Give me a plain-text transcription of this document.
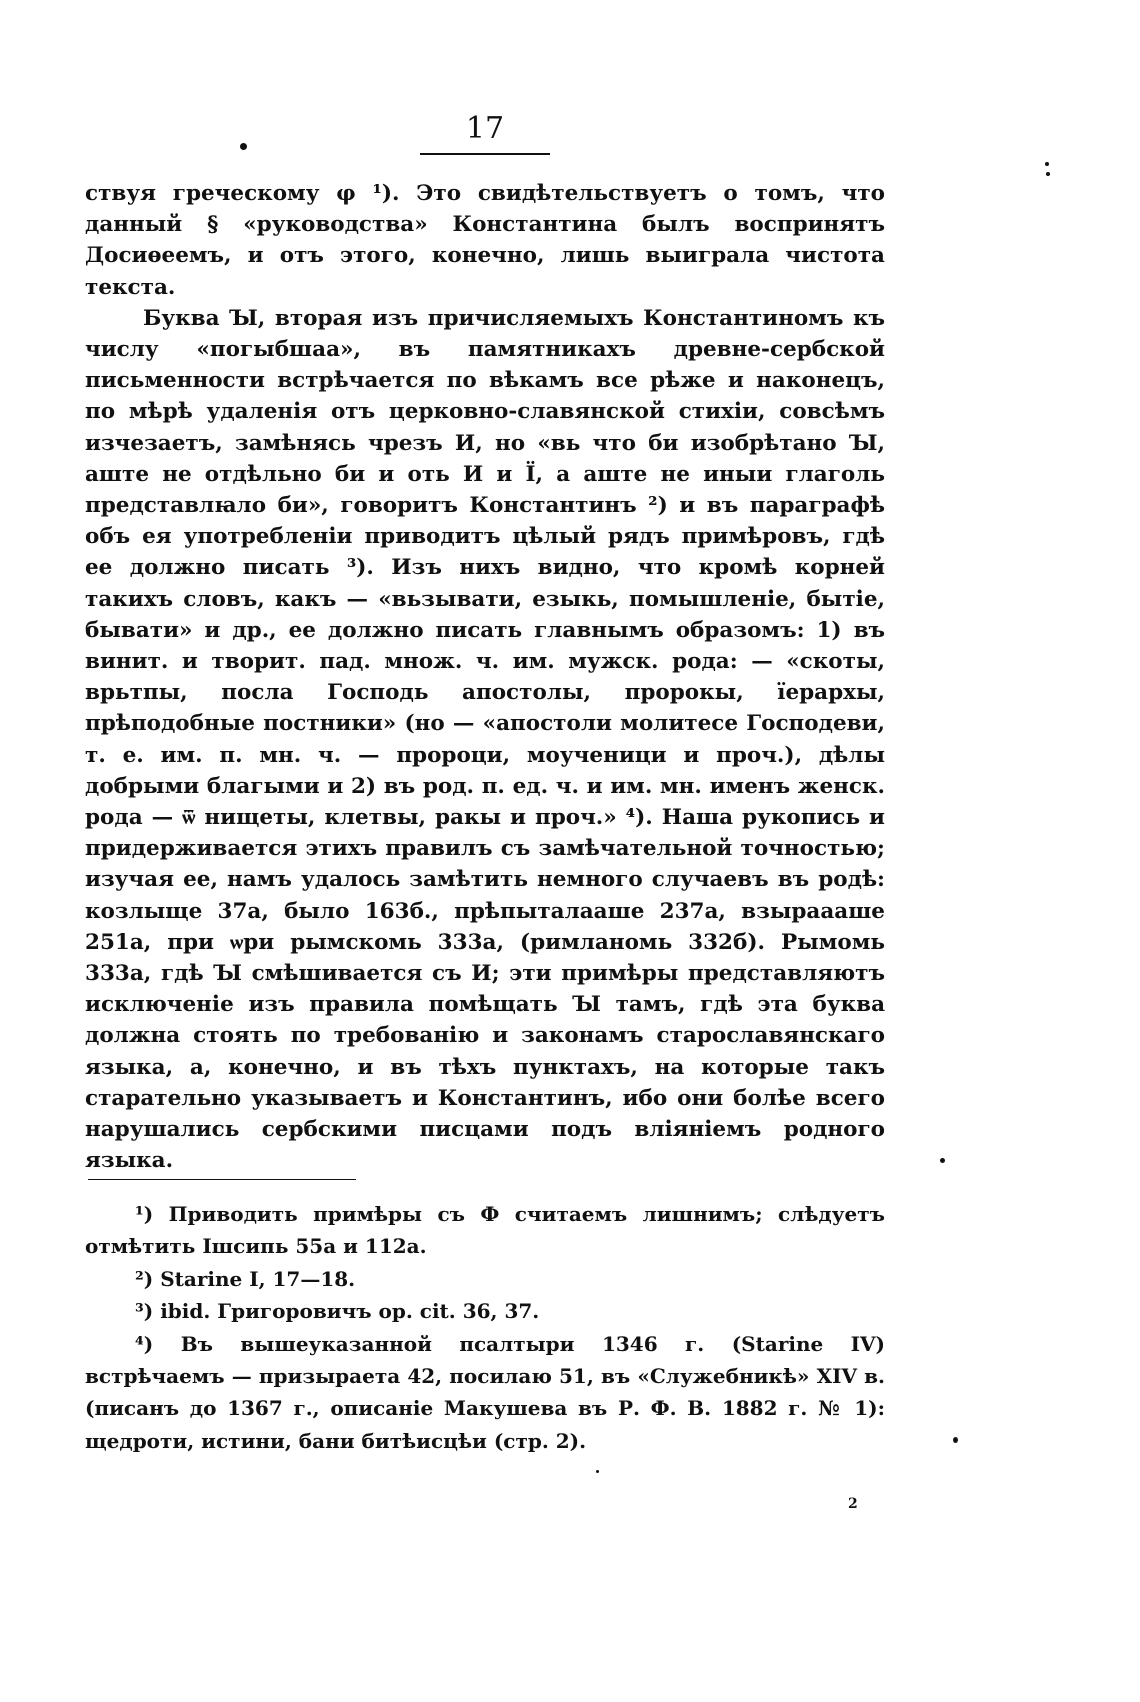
17

ствуя греческому φ ¹). Это свидѣтельствуетъ о томъ, что данный § «руководства» Константина былъ воспринятъ Досиѳеемъ, и отъ этого, конечно, лишь выиграла чистота текста.

Буква Ꙑ, вторая изъ причисляемыхъ Константиномъ къ числу «погыбшаа», въ памятникахъ древне-сербской письменности встрѣчается по вѣкамъ все рѣже и наконецъ, по мѣрѣ удаленія отъ церковно-славянской стихіи, совсѣмъ изчезаетъ, замѣнясь чрезъ И, но «вь что би изобрѣтано Ꙑ, аште не отдѣльно би и оть И и Ї, а аште не иныи глаголь представлꙗло би», говоритъ Константинъ ²) и въ параграфѣ объ ея употребленіи приводитъ цѣлый рядъ примѣровъ, гдѣ ее должно писать ³). Изъ нихъ видно, что кромѣ корней такихъ словъ, какъ — «вьзывати, езыкь, помышленіе, бытіе, бывати» и др., ее должно писать главнымъ образомъ: 1) въ винит. и творит. пад. множ. ч. им. мужск. рода: — «скоты, врьтпы, посла Господь апостолы, пророкы, їерархы, прѣподобные постники» (но — «апостоли молитесе Господеви, т. е. им. п. мн. ч. — пророци, моученици и проч.), дѣлы добрыми благыми и 2) въ род. п. ед. ч. и им. мн. именъ женск. рода — ѿ нищеты, клетвы, ракы и проч.» ⁴). Наша рукопись и придерживается этихъ правилъ съ замѣчательной точностью; изучая ее, намъ удалось замѣтить немного случаевъ въ родѣ: козлыще 37а, было 163б., прѣпыталааше 237а, взыраааше 251а, при ѡри рымскомь 333а, (римланомь 332б). Рымомь 333а, гдѣ Ꙑ смѣшивается съ И; эти примѣры представляютъ исключеніе изъ правила помѣщать Ꙑ тамъ, гдѣ эта буква должна стоять по требованію и законамъ старославянскаго языка, а, конечно, и въ тѣхъ пунктахъ, на которые такъ старательно указываетъ и Константинъ, ибо они болѣе всего нарушались сербскими писцами подъ вліяніемъ родного языка.

¹) Приводить примѣры съ Ф считаемъ лишнимъ; слѣдуетъ отмѣтить Ішсипь 55а и 112а.

²) Starine I, 17—18.

³) ibid. Григоровичъ op. cit. 36, 37.

⁴) Въ вышеуказанной псалтыри 1346 г. (Starine IV) встрѣчаемъ — призыраета 42, посилаю 51, въ «Служебникѣ» XIV в. (писанъ до 1367 г., описаніе Макушева въ Р. Ф. В. 1882 г. № 1): щедроти, истини, бани битѣисцѣи (стр. 2).

2
